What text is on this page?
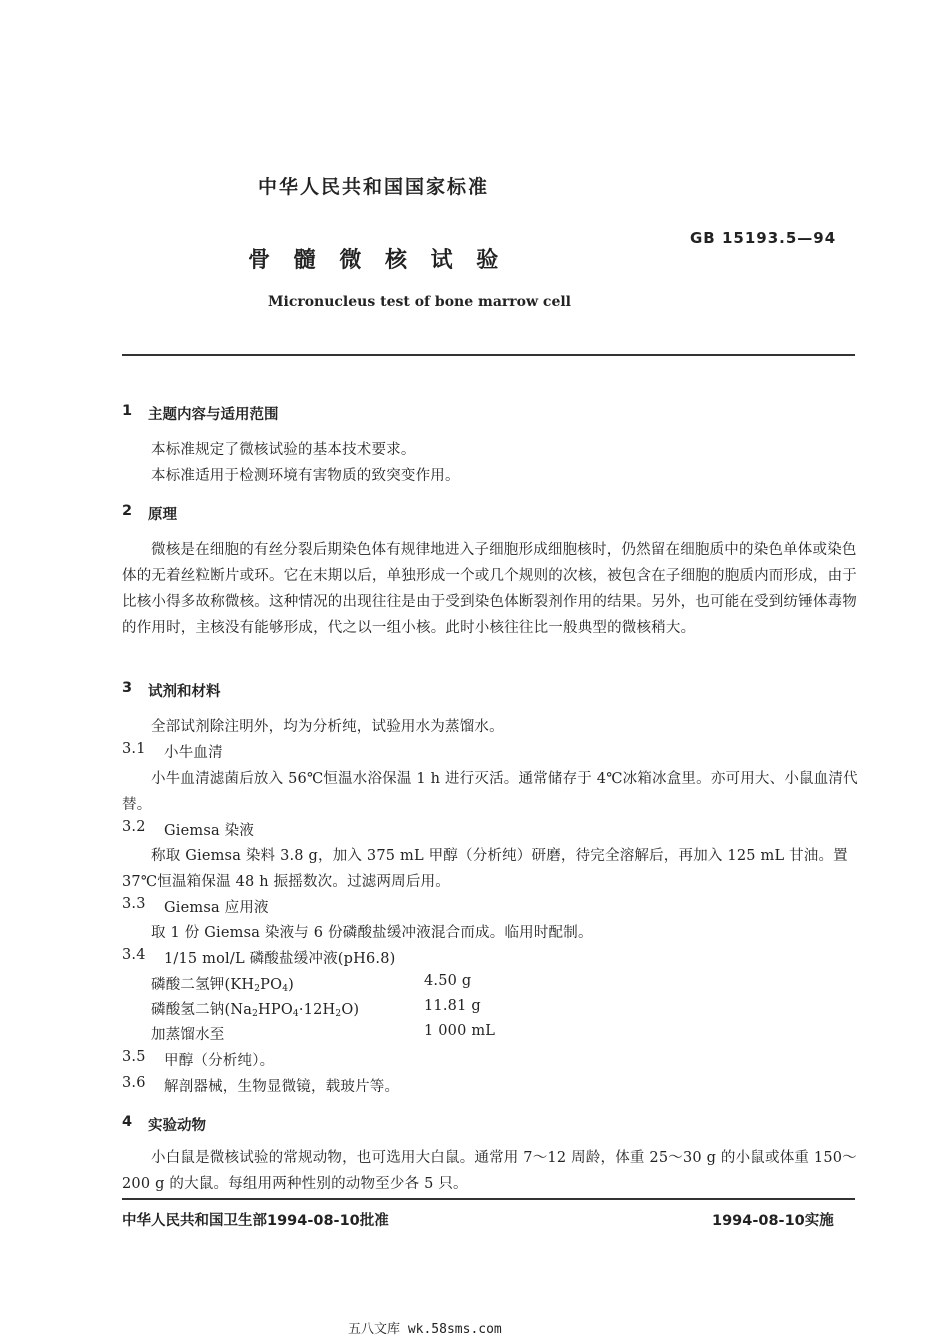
中华人民共和国国家标准
GB 15193.5—94
骨 髓 微 核 试 验
Micronucleus test of bone marrow cell
1 主题内容与适用范围
本标准规定了微核试验的基本技术要求。
本标准适用于检测环境有害物质的致突变作用。
2 原理
微核是在细胞的有丝分裂后期染色体有规律地进入子细胞形成细胞核时，仍然留在细胞质中的染色单体或染色体的无着丝粒断片或环。它在末期以后，单独形成一个或几个规则的次核，被包含在子细胞的胞质内而形成，由于比核小得多故称微核。这种情况的出现往往是由于受到染色体断裂剂作用的结果。另外，也可能在受到纺锤体毒物的作用时，主核没有能够形成，代之以一组小核。此时小核往往比一般典型的微核稍大。
3 试剂和材料
全部试剂除注明外，均为分析纯，试验用水为蒸馏水。
3.1 小牛血清
小牛血清滤菌后放入 56℃恒温水浴保温 1 h 进行灭活。通常储存于 4℃冰箱冰盒里。亦可用大、小鼠血清代替。
3.2 Giemsa 染液
称取 Giemsa 染料 3.8 g，加入 375 mL 甲醇（分析纯）研磨，待完全溶解后，再加入 125 mL 甘油。置 37℃恒温箱保温 48 h 振摇数次。过滤两周后用。
3.3 Giemsa 应用液
取 1 份 Giemsa 染液与 6 份磷酸盐缓冲液混合而成。临用时配制。
3.4 1/15 mol/L 磷酸盐缓冲液(pH6.8)
磷酸二氢钾$(KH_2PO_4)$	4.50 g
磷酸氢二钠$(Na_2HPO_4\cdot 12H_2O)$	11.81 g
加蒸馏水至	1 000 mL
3.5 甲醇（分析纯）。
3.6 解剖器械，生物显微镜，载玻片等。
4 实验动物
小白鼠是微核试验的常规动物，也可选用大白鼠。通常用 7～12 周龄，体重 25～30 g 的小鼠或体重 150～200 g 的大鼠。每组用两种性别的动物至少各 5 只。
中华人民共和国卫生部1994-08-10批准	1994-08-10实施
五八文库 wk.58sms.com
